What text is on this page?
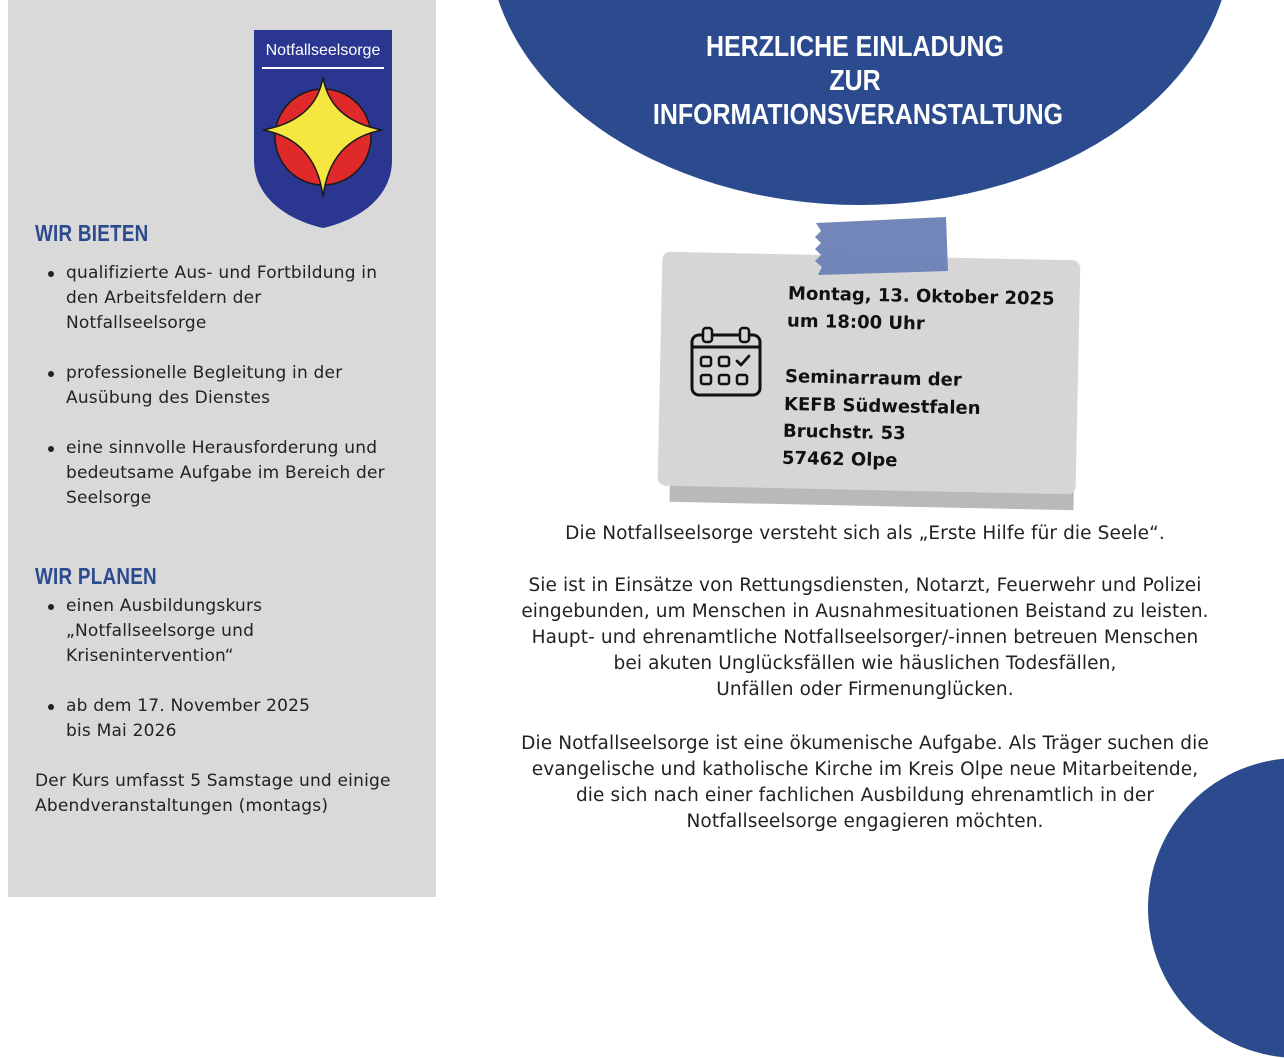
Notfallseelsorge
WIR BIETEN
qualifizierte Aus- und Fortbildung in den Arbeitsfeldern der Notfallseelsorge
professionelle Begleitung in der Ausübung des Dienstes
eine sinnvolle Herausforderung und bedeutsame Aufgabe im Bereich der Seelsorge
WIR PLANEN
einen Ausbildungskurs
„Notfallseelsorge und
Krisenintervention“
ab dem 17. November 2025
bis Mai 2026

Der Kurs umfasst 5 Samstage und einige Abendveranstaltungen (montags)

HERZLICHE EINLADUNG
ZUR
INFORMATIONSVERANSTALTUNG

Montag, 13. Oktober 2025

um 18:00 Uhr

Seminarraum der

KEFB Südwestfalen

Bruchstr. 53

57462 Olpe

Die Notfallseelsorge versteht sich als „Erste Hilfe für die Seele“.

Sie ist in Einsätze von Rettungsdiensten, Notarzt, Feuerwehr und Polizei
eingebunden, um Menschen in Ausnahmesituationen Beistand zu leisten.
Haupt- und ehrenamtliche Notfallseelsorger/-innen betreuen Menschen
bei akuten Unglücksfällen wie häuslichen Todesfällen,
Unfällen oder Firmenunglücken.

Die Notfallseelsorge ist eine ökumenische Aufgabe. Als Träger suchen die
evangelische und katholische Kirche im Kreis Olpe neue Mitarbeitende,
die sich nach einer fachlichen Ausbildung ehrenamtlich in der
Notfallseelsorge engagieren möchten.
